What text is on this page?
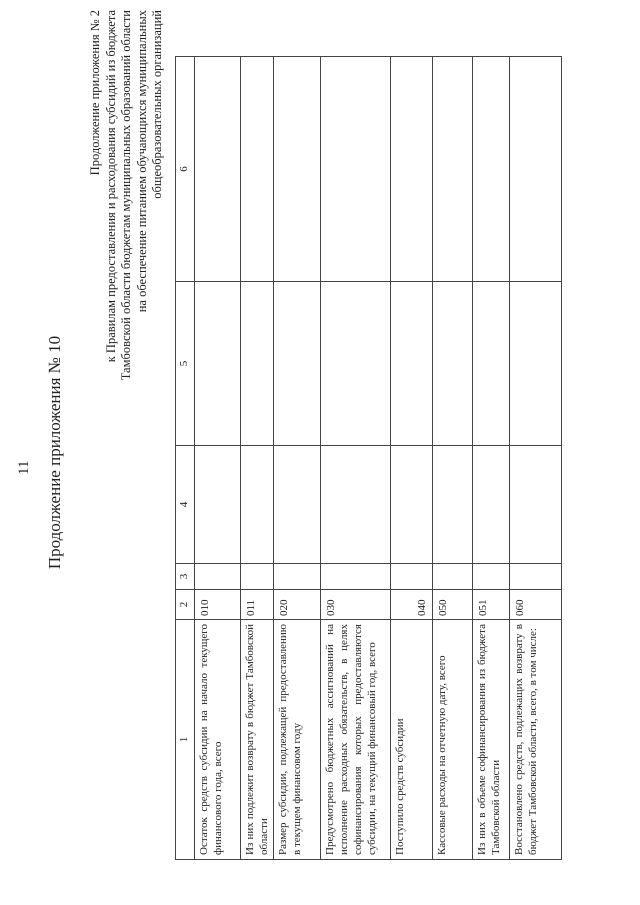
11 Продолжение приложения № 10
Продолжение приложения № 2 к Правилам предоставления и расходования субсидий из бюджета Тамбовской области бюджетам муниципальных образований области на обеспечение питанием обучающихся муниципальных общеобразовательных организаций
1	2	3	4	5	6
Остаток средств субсидии на начало текущего финансового года, всего	010				
Из них подлежит возврату в бюджет Тамбовской области	011				
Размер субсидии, подлежащей предоставлению в текущем финансовом году	020				
Предусмотрено бюджетных ассигнований на исполнение расходных обязательств, в целях софинансирования которых предоставляются субсидии, на текущий финансовый год, всего	030				
Поступило средств субсидии	040				
Кассовые расходы на отчетную дату, всего	050				
Из них в объеме софинансирования из бюджета Тамбовской области	051				
Восстановлено средств, подлежащих возврату в бюджет Тамбовской области, всего, в том числе:	060				
